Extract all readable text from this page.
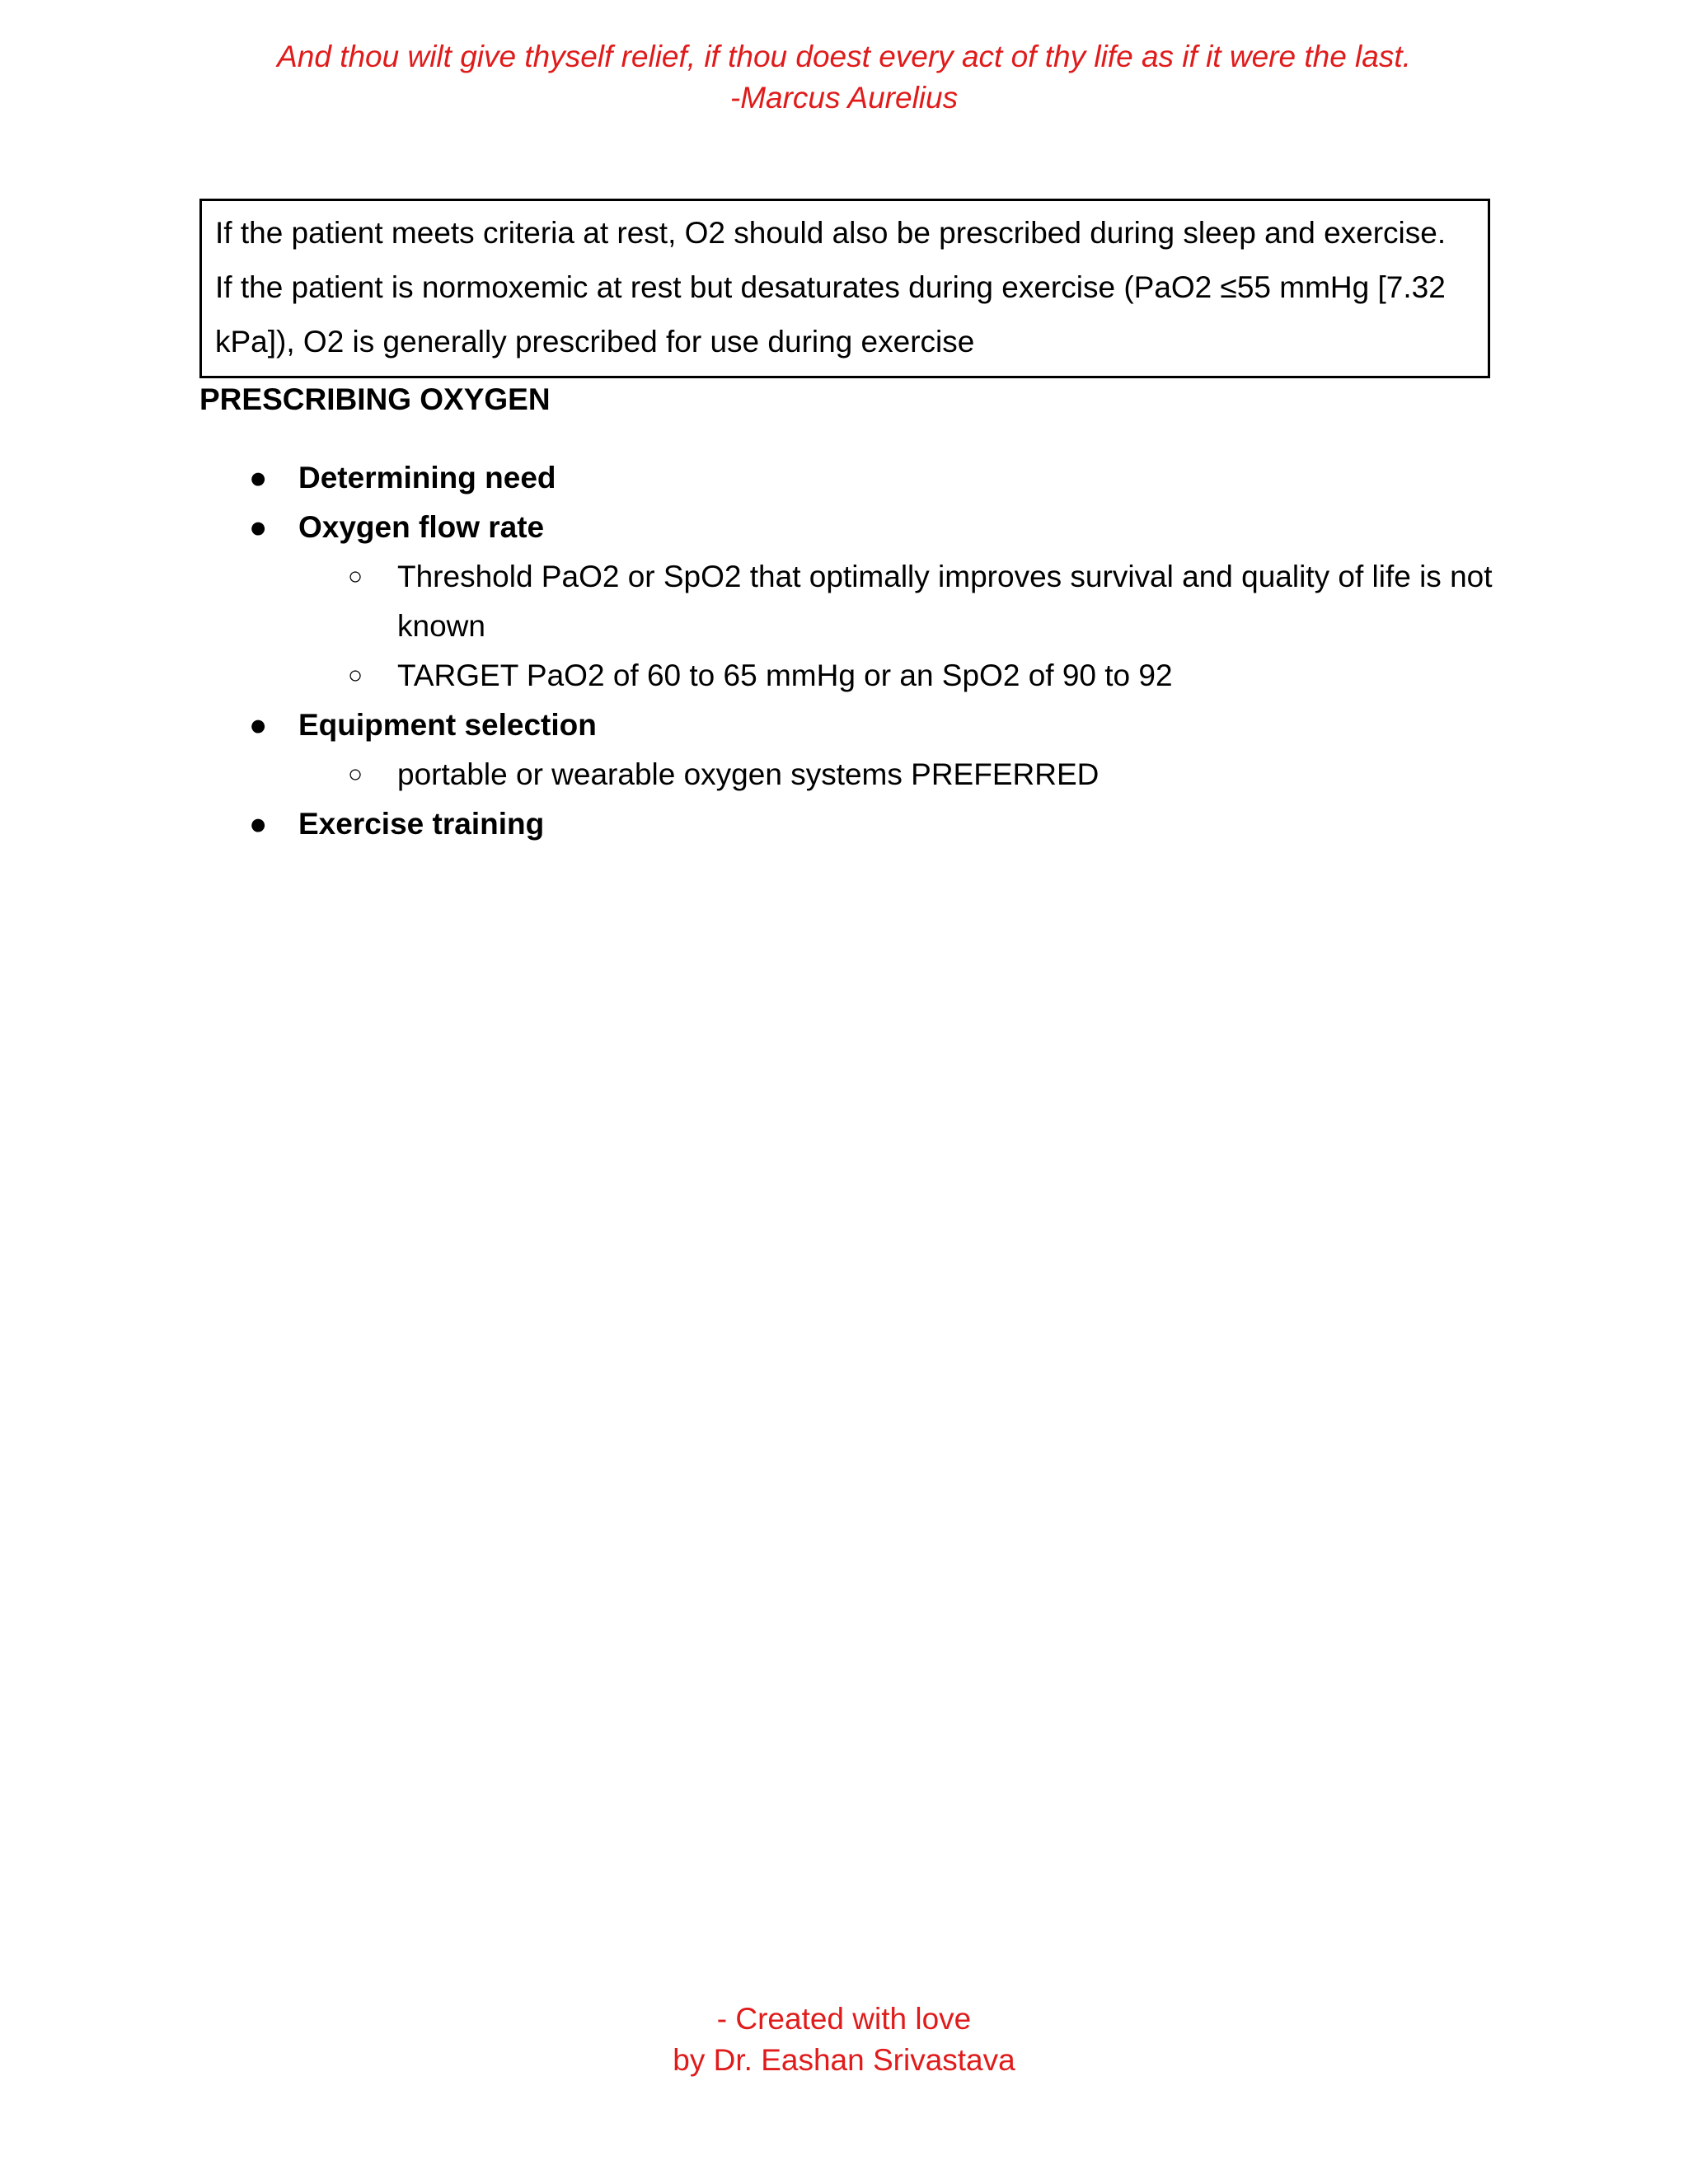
And thou wilt give thyself relief, if thou doest every act of thy life as if it were the last.
-Marcus Aurelius

If the patient meets criteria at rest, O2 should also be prescribed during sleep and exercise.

If the patient is normoxemic at rest but desaturates during exercise (PaO2 ≤55 mmHg [7.32 kPa]), O2 is generally prescribed for use during exercise

PRESCRIBING OXYGEN
●	Determining need
●	Oxygen flow rate
○	Threshold PaO2 or SpO2 that optimally improves survival and quality of life is not known
○	TARGET PaO2 of 60 to 65 mmHg or an SpO2 of 90 to 92
●	Equipment selection
○	portable or wearable oxygen systems PREFERRED
●	Exercise training
- Created with love
by Dr. Eashan Srivastava
